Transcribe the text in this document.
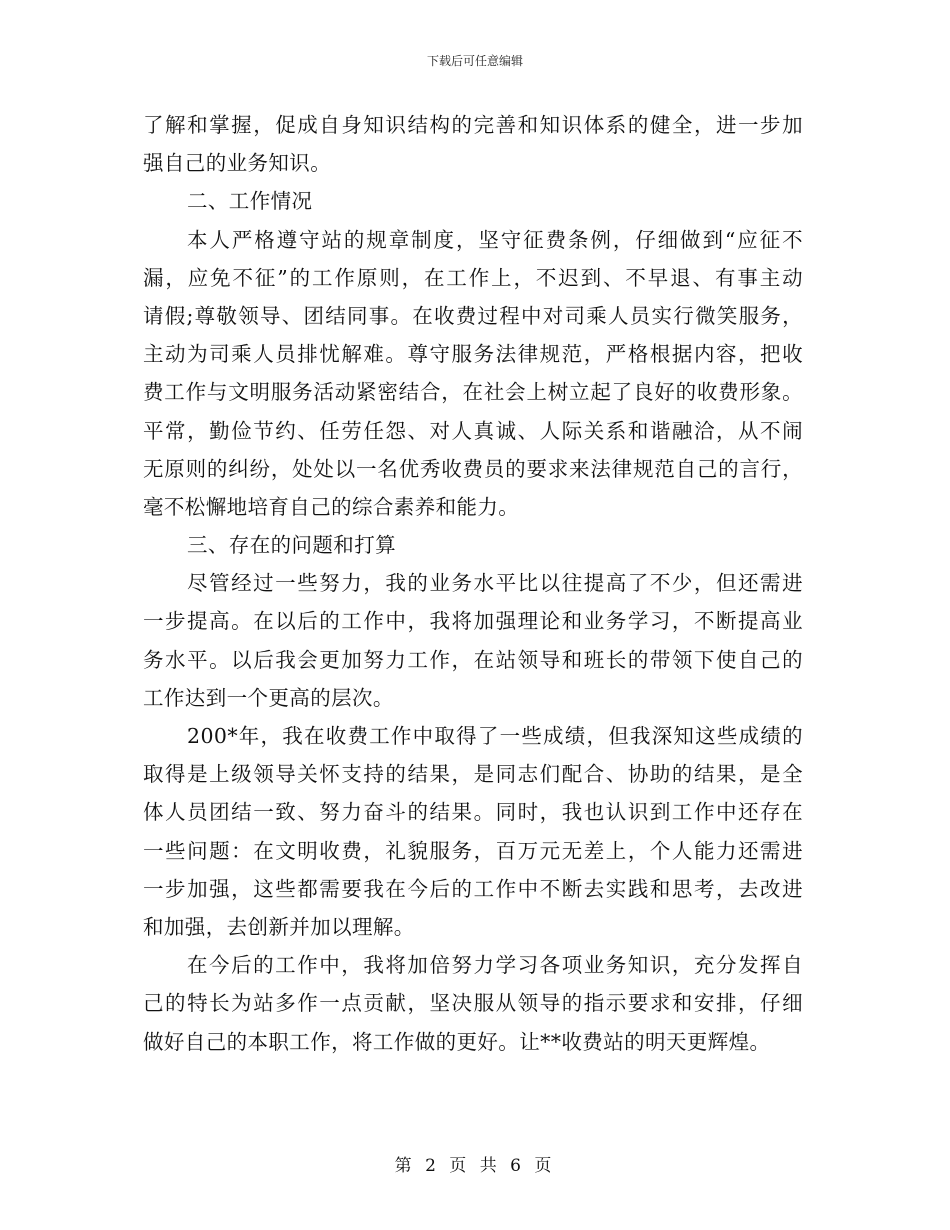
下载后可任意编辑
了解和掌握，促成自身知识结构的完善和知识体系的健全，进一步加
强自己的业务知识。
二、工作情况
本人严格遵守站的规章制度，坚守征费条例，仔细做到“应征不
漏，应免不征”的工作原则，在工作上，不迟到、不早退、有事主动
请假;尊敬领导、团结同事。在收费过程中对司乘人员实行微笑服务，
主动为司乘人员排忧解难。尊守服务法律规范，严格根据内容，把收
费工作与文明服务活动紧密结合，在社会上树立起了良好的收费形象。
平常，勤俭节约、任劳任怨、对人真诚、人际关系和谐融洽，从不闹
无原则的纠纷，处处以一名优秀收费员的要求来法律规范自己的言行，
毫不松懈地培育自己的综合素养和能力。
三、存在的问题和打算
尽管经过一些努力，我的业务水平比以往提高了不少，但还需进
一步提高。在以后的工作中，我将加强理论和业务学习，不断提高业
务水平。以后我会更加努力工作，在站领导和班长的带领下使自己的
工作达到一个更高的层次。
200*年，我在收费工作中取得了一些成绩，但我深知这些成绩的
取得是上级领导关怀支持的结果，是同志们配合、协助的结果，是全
体人员团结一致、努力奋斗的结果。同时，我也认识到工作中还存在
一些问题：在文明收费，礼貌服务，百万元无差上，个人能力还需进
一步加强，这些都需要我在今后的工作中不断去实践和思考，去改进
和加强，去创新并加以理解。
在今后的工作中，我将加倍努力学习各项业务知识，充分发挥自
己的特长为站多作一点贡献，坚决服从领导的指示要求和安排，仔细
做好自己的本职工作，将工作做的更好。让**收费站的明天更辉煌。
第 2 页 共 6 页
